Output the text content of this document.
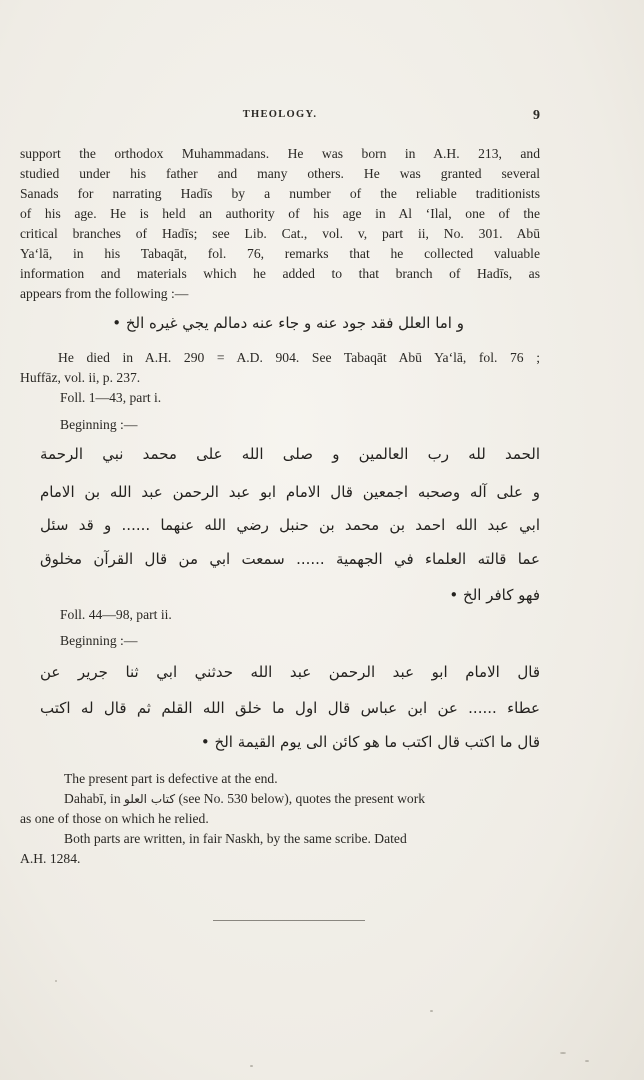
THEOLOGY.	9
support the orthodox Muhammadans. He was born in A.H. 213, and
studied under his father and many others. He was granted several
Sanads for narrating Hadīs by a number of the reliable traditionists
of his age. He is held an authority of his age in Al ‘Ilal, one of the
critical branches of Hadīs; see Lib. Cat., vol. v, part ii, No. 301. Abū
Ya‘lā, in his Tabaqāt, fol. 76, remarks that he collected valuable
information and materials which he added to that branch of Hadīs, as
appears from the following :—
و اما العلل فقد جود عنه و جاء عنه دمالم يجي غيره الخ •
He died in A.H. 290 = A.D. 904. See Tabaqāt Abū Ya‘lā, fol. 76 ;
Huffāz, vol. ii, p. 237.
Foll. 1—43, part i.
Beginning :—
الحمد لله رب العالمين و صلى الله على محمد نبي الرحمة
و على آله وصحبه اجمعين قال الامام ابو عبد الرحمن عبد الله بن الامام
ابي عبد الله احمد بن محمد بن حنبل رضي الله عنهما ...... و قد سئل
عما قالته العلماء في الجهمية ...... سمعت ابي من قال القرآن مخلوق
فهو كافر الخ •
Foll. 44—98, part ii.
Beginning :—
قال الامام ابو عبد الرحمن عبد الله حدثني ابي ثنا جرير عن
عطاء ...... عن ابن عباس قال اول ما خلق الله القلم ثم قال له اكتب
قال ما اكتب قال اكتب ما هو كائن الى يوم القيمة الخ •
The present part is defective at the end.
Dahabī, in كتاب العلو (see No. 530 below), quotes the present work
as one of those on which he relied.
Both parts are written, in fair Naskh, by the same scribe. Dated
A.H. 1284.
